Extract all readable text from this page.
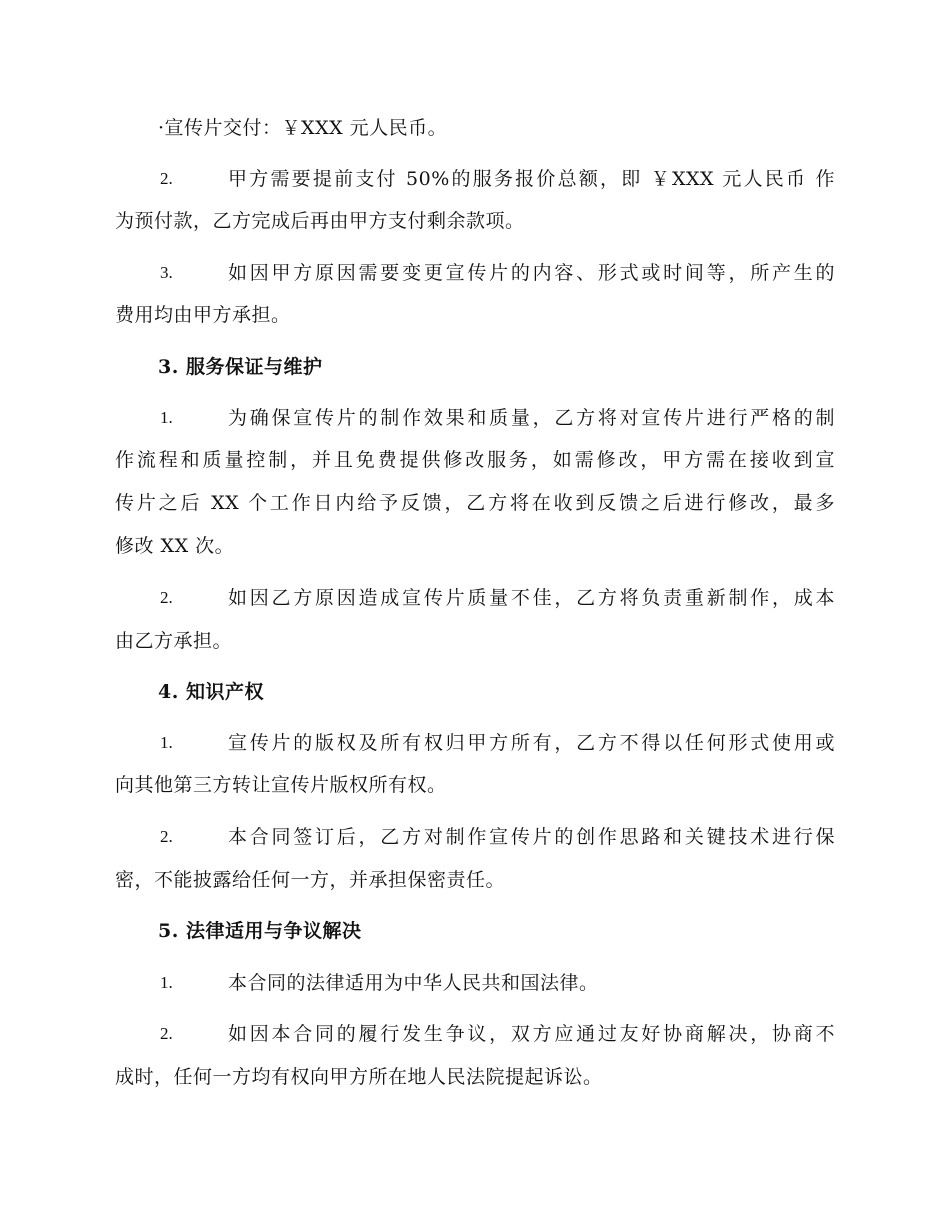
·宣传片交付：￥XXX 元人民币。
2.	甲方需要提前支付 50%的服务报价总额，即 ￥XXX 元人民币 作
为预付款，乙方完成后再由甲方支付剩余款项。
3.	如因甲方原因需要变更宣传片的内容、形式或时间等，所产生的
费用均由甲方承担。
3. 服务保证与维护
1.	为确保宣传片的制作效果和质量，乙方将对宣传片进行严格的制
作流程和质量控制，并且免费提供修改服务，如需修改，甲方需在接收到宣
传片之后 XX 个工作日内给予反馈，乙方将在收到反馈之后进行修改，最多
修改 XX 次。
2.	如因乙方原因造成宣传片质量不佳，乙方将负责重新制作，成本
由乙方承担。
4. 知识产权
1.	宣传片的版权及所有权归甲方所有，乙方不得以任何形式使用或
向其他第三方转让宣传片版权所有权。
2.	本合同签订后，乙方对制作宣传片的创作思路和关键技术进行保
密，不能披露给任何一方，并承担保密责任。
5. 法律适用与争议解决
1.	本合同的法律适用为中华人民共和国法律。
2.	如因本合同的履行发生争议，双方应通过友好协商解决，协商不
成时，任何一方均有权向甲方所在地人民法院提起诉讼。
